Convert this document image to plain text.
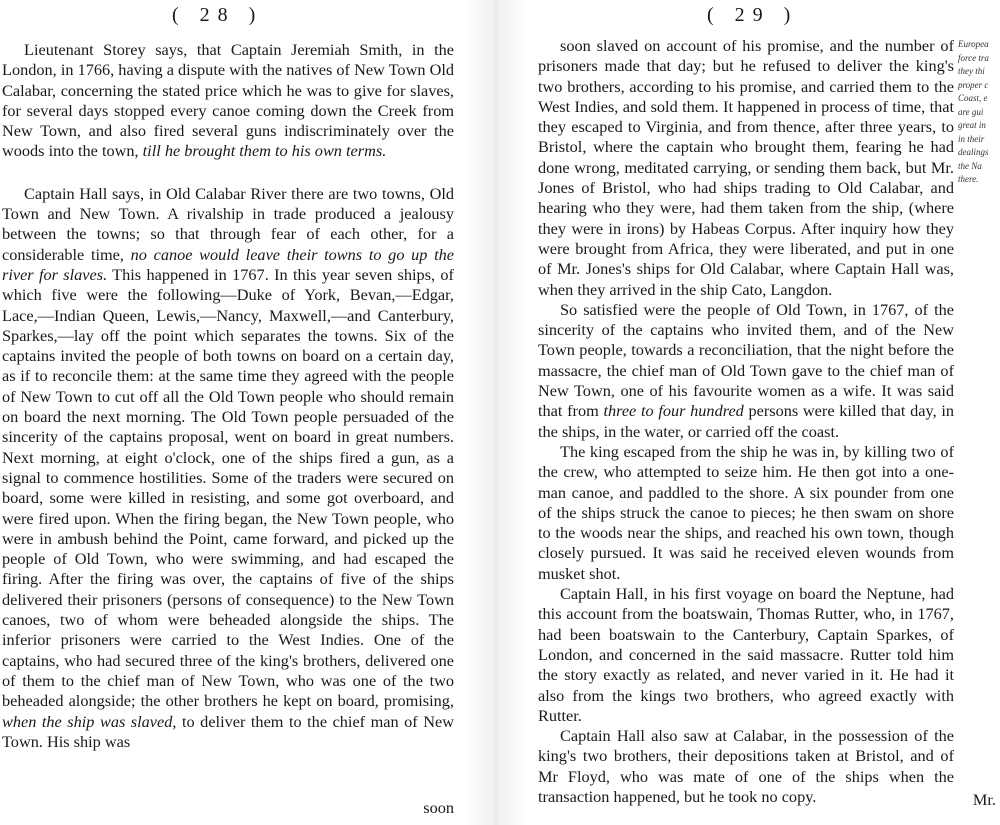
( 28 )

Lieutenant Storey says, that Captain Jeremiah Smith, in the London, in 1766, having a dispute with the natives of New Town Old Calabar, concerning the stated price which he was to give for slaves, for several days stopped every canoe coming down the Creek from New Town, and also fired several guns indiscriminately over the woods into the town, till he brought them to his own terms.

Captain Hall says, in Old Calabar River there are two towns, Old Town and New Town. A rivalship in trade produced a jealousy between the towns; so that through fear of each other, for a considerable time, no canoe would leave their towns to go up the river for slaves. This happened in 1767. In this year seven ships, of which five were the following—Duke of York, Bevan,—Edgar, Lace,—Indian Queen, Lewis,—Nancy, Maxwell,—and Canterbury, Sparkes,—lay off the point which separates the towns. Six of the captains invited the people of both towns on board on a certain day, as if to reconcile them: at the same time they agreed with the people of New Town to cut off all the Old Town people who should remain on board the next morning. The Old Town people persuaded of the sincerity of the captains proposal, went on board in great numbers. Next morning, at eight o'clock, one of the ships fired a gun, as a signal to commence hostilities. Some of the traders were secured on board, some were killed in resisting, and some got overboard, and were fired upon. When the firing began, the New Town people, who were in ambush behind the Point, came forward, and picked up the people of Old Town, who were swimming, and had escaped the firing. After the firing was over, the captains of five of the ships delivered their prisoners (persons of consequence) to the New Town canoes, two of whom were beheaded alongside the ships. The inferior prisoners were carried to the West Indies. One of the captains, who had secured three of the king's brothers, delivered one of them to the chief man of New Town, who was one of the two beheaded alongside; the other brothers he kept on board, promising, when the ship was slaved, to deliver them to the chief man of New Town. His ship was

soon
( 29 )

soon slaved on account of his promise, and the number of prisoners made that day; but he refused to deliver the king's two brothers, according to his promise, and carried them to the West Indies, and sold them. It happened in process of time, that they escaped to Virginia, and from thence, after three years, to Bristol, where the captain who brought them, fearing he had done wrong, meditated carrying, or sending them back, but Mr. Jones of Bristol, who had ships trading to Old Calabar, and hearing who they were, had them taken from the ship, (where they were in irons) by Habeas Corpus. After inquiry how they were brought from Africa, they were liberated, and put in one of Mr. Jones's ships for Old Calabar, where Captain Hall was, when they arrived in the ship Cato, Langdon.

So satisfied were the people of Old Town, in 1767, of the sincerity of the captains who invited them, and of the New Town people, towards a reconciliation, that the night before the massacre, the chief man of Old Town gave to the chief man of New Town, one of his favourite women as a wife. It was said that from three to four hundred persons were killed that day, in the ships, in the water, or carried off the coast.

The king escaped from the ship he was in, by killing two of the crew, who attempted to seize him. He then got into a one-man canoe, and paddled to the shore. A six pounder from one of the ships struck the canoe to pieces; he then swam on shore to the woods near the ships, and reached his own town, though closely pursued. It was said he received eleven wounds from musket shot.

Captain Hall, in his first voyage on board the Neptune, had this account from the boatswain, Thomas Rutter, who, in 1767, had been boatswain to the Canterbury, Captain Sparkes, of London, and concerned in the said massacre. Rutter told him the story exactly as related, and never varied in it. He had it also from the kings two brothers, who agreed exactly with Rutter.

Captain Hall also saw at Calabar, in the possession of the king's two brothers, their depositions taken at Bristol, and of Mr Floyd, who was mate of one of the ships when the transaction happened, but he took no copy.

Europea
force tra
they thi
proper c
Coast, e
are gui
great in
in their
dealings
the Na
there.
Mr.
